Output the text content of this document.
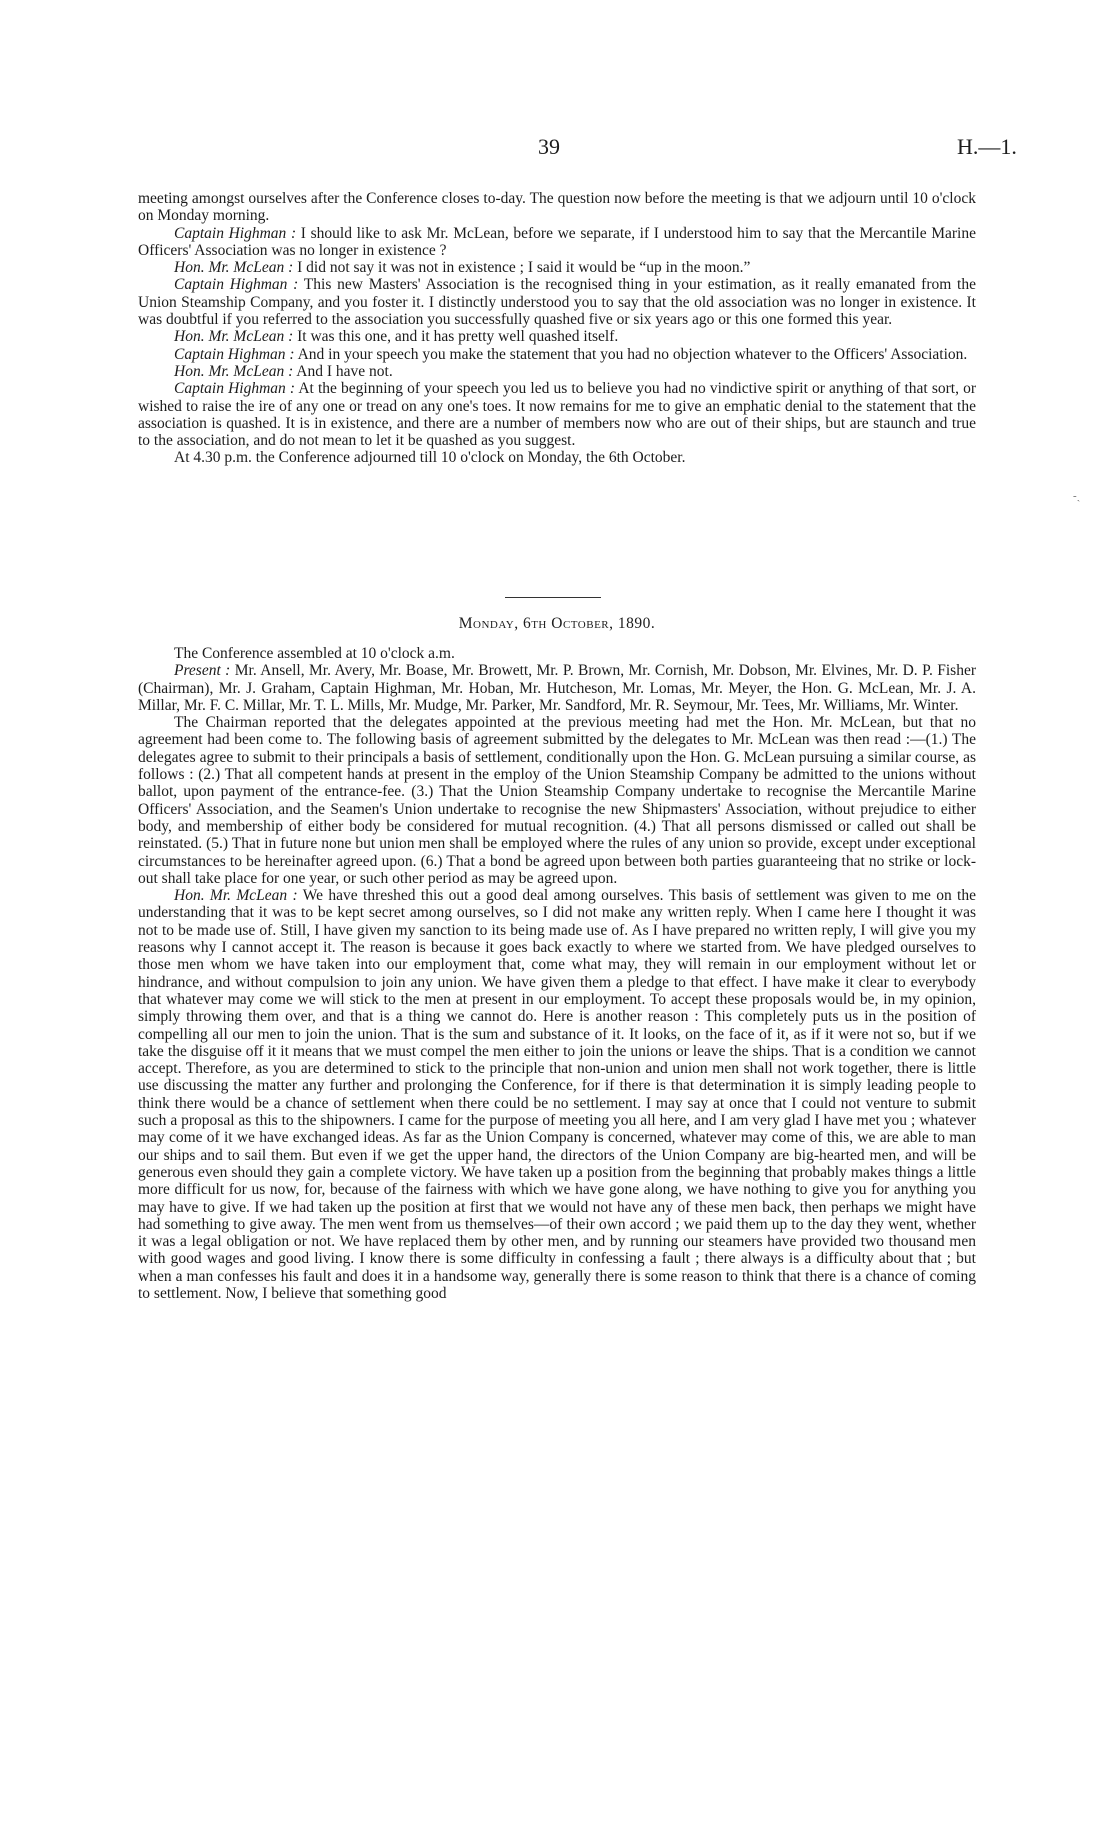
39	H.—1.

meeting amongst ourselves after the Conference closes to-day. The question now before the meeting is that we adjourn until 10 o'clock on Monday morning.

Captain Highman : I should like to ask Mr. McLean, before we separate, if I understood him to say that the Mercantile Marine Officers' Association was no longer in existence ?

Hon. Mr. McLean : I did not say it was not in existence ; I said it would be “up in the moon.”

Captain Highman : This new Masters' Association is the recognised thing in your estimation, as it really emanated from the Union Steamship Company, and you foster it. I distinctly understood you to say that the old association was no longer in existence. It was doubtful if you referred to the association you successfully quashed five or six years ago or this one formed this year.

Hon. Mr. McLean : It was this one, and it has pretty well quashed itself.

Captain Highman : And in your speech you make the statement that you had no objection whatever to the Officers' Association.

Hon. Mr. McLean : And I have not.

Captain Highman : At the beginning of your speech you led us to believe you had no vindictive spirit or anything of that sort, or wished to raise the ire of any one or tread on any one's toes. It now remains for me to give an emphatic denial to the statement that the association is quashed. It is in existence, and there are a number of members now who are out of their ships, but are staunch and true to the association, and do not mean to let it be quashed as you suggest.

At 4.30 p.m. the Conference adjourned till 10 o'clock on Monday, the 6th October.

‐ˏ
Monday, 6th October, 1890.

The Conference assembled at 10 o'clock a.m.

Present : Mr. Ansell, Mr. Avery, Mr. Boase, Mr. Browett, Mr. P. Brown, Mr. Cornish, Mr. Dobson, Mr. Elvines, Mr. D. P. Fisher (Chairman), Mr. J. Graham, Captain Highman, Mr. Hoban, Mr. Hutcheson, Mr. Lomas, Mr. Meyer, the Hon. G. McLean, Mr. J. A. Millar, Mr. F. C. Millar, Mr. T. L. Mills, Mr. Mudge, Mr. Parker, Mr. Sandford, Mr. R. Seymour, Mr. Tees, Mr. Williams, Mr. Winter.

The Chairman reported that the delegates appointed at the previous meeting had met the Hon. Mr. McLean, but that no agreement had been come to. The following basis of agreement submitted by the delegates to Mr. McLean was then read :—(1.) The delegates agree to submit to their principals a basis of settlement, conditionally upon the Hon. G. McLean pursuing a similar course, as follows : (2.) That all competent hands at present in the employ of the Union Steamship Company be admitted to the unions without ballot, upon payment of the entrance-fee. (3.) That the Union Steamship Company undertake to recognise the Mercantile Marine Officers' Association, and the Seamen's Union undertake to recognise the new Shipmasters' Association, without prejudice to either body, and membership of either body be considered for mutual recognition. (4.) That all persons dismissed or called out shall be reinstated. (5.) That in future none but union men shall be employed where the rules of any union so provide, except under exceptional circumstances to be hereinafter agreed upon. (6.) That a bond be agreed upon between both parties guaranteeing that no strike or lock-out shall take place for one year, or such other period as may be agreed upon.

Hon. Mr. McLean : We have threshed this out a good deal among ourselves. This basis of settlement was given to me on the understanding that it was to be kept secret among ourselves, so I did not make any written reply. When I came here I thought it was not to be made use of. Still, I have given my sanction to its being made use of. As I have prepared no written reply, I will give you my reasons why I cannot accept it. The reason is because it goes back exactly to where we started from. We have pledged ourselves to those men whom we have taken into our employment that, come what may, they will remain in our employment without let or hindrance, and without compulsion to join any union. We have given them a pledge to that effect. I have make it clear to everybody that whatever may come we will stick to the men at present in our employment. To accept these proposals would be, in my opinion, simply throwing them over, and that is a thing we cannot do. Here is another reason : This completely puts us in the position of compelling all our men to join the union. That is the sum and substance of it. It looks, on the face of it, as if it were not so, but if we take the disguise off it it means that we must compel the men either to join the unions or leave the ships. That is a condition we cannot accept. Therefore, as you are determined to stick to the principle that non-union and union men shall not work together, there is little use discussing the matter any further and prolonging the Conference, for if there is that determination it is simply leading people to think there would be a chance of settlement when there could be no settlement. I may say at once that I could not venture to submit such a proposal as this to the shipowners. I came for the purpose of meeting you all here, and I am very glad I have met you ; whatever may come of it we have exchanged ideas. As far as the Union Company is concerned, whatever may come of this, we are able to man our ships and to sail them. But even if we get the upper hand, the directors of the Union Company are big-hearted men, and will be generous even should they gain a complete victory. We have taken up a position from the beginning that probably makes things a little more difficult for us now, for, because of the fairness with which we have gone along, we have nothing to give you for anything you may have to give. If we had taken up the position at first that we would not have any of these men back, then perhaps we might have had something to give away. The men went from us themselves—of their own accord ; we paid them up to the day they went, whether it was a legal obligation or not. We have replaced them by other men, and by running our steamers have provided two thousand men with good wages and good living. I know there is some difficulty in confessing a fault ; there always is a difficulty about that ; but when a man confesses his fault and does it in a handsome way, generally there is some reason to think that there is a chance of coming to settlement. Now, I believe that something good
